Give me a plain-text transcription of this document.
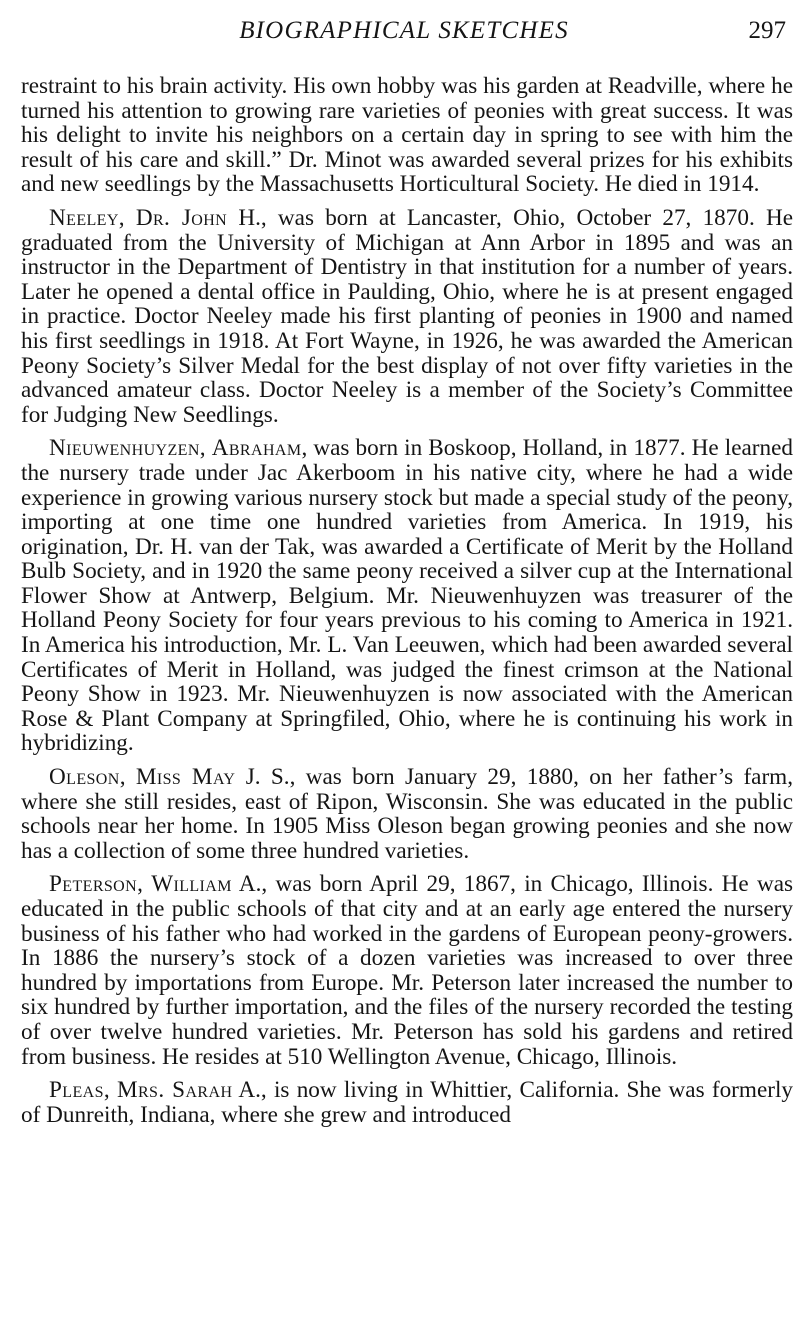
BIOGRAPHICAL SKETCHES	297

restraint to his brain activity. His own hobby was his garden at Readville, where he turned his attention to growing rare varieties of peonies with great success. It was his delight to invite his neighbors on a certain day in spring to see with him the result of his care and skill.” Dr. Minot was awarded several prizes for his exhibits and new seedlings by the Massachusetts Horticultural Society. He died in 1914.

Neeley, Dr. John H., was born at Lancaster, Ohio, October 27, 1870. He graduated from the University of Michigan at Ann Arbor in 1895 and was an instructor in the Department of Dentistry in that institution for a number of years. Later he opened a dental office in Paulding, Ohio, where he is at present engaged in practice. Doctor Neeley made his first planting of peonies in 1900 and named his first seedlings in 1918. At Fort Wayne, in 1926, he was awarded the American Peony Society’s Silver Medal for the best display of not over fifty varieties in the advanced amateur class. Doctor Neeley is a member of the Society’s Committee for Judging New Seedlings.

Nieuwenhuyzen, Abraham, was born in Boskoop, Holland, in 1877. He learned the nursery trade under Jac Akerboom in his native city, where he had a wide experience in growing various nursery stock but made a special study of the peony, importing at one time one hundred varieties from America. In 1919, his origination, Dr. H. van der Tak, was awarded a Certificate of Merit by the Holland Bulb Society, and in 1920 the same peony received a silver cup at the International Flower Show at Antwerp, Belgium. Mr. Nieuwenhuyzen was treasurer of the Holland Peony Society for four years previous to his coming to America in 1921. In America his introduction, Mr. L. Van Leeuwen, which had been awarded several Certificates of Merit in Holland, was judged the finest crimson at the National Peony Show in 1923. Mr. Nieuwenhuyzen is now associated with the American Rose & Plant Company at Springfiled, Ohio, where he is continuing his work in hybridizing.

Oleson, Miss May J. S., was born January 29, 1880, on her father’s farm, where she still resides, east of Ripon, Wisconsin. She was educated in the public schools near her home. In 1905 Miss Oleson began growing peonies and she now has a collection of some three hundred varieties.

Peterson, William A., was born April 29, 1867, in Chicago, Illinois. He was educated in the public schools of that city and at an early age entered the nursery business of his father who had worked in the gardens of European peony-growers. In 1886 the nursery’s stock of a dozen varieties was increased to over three hundred by importations from Europe. Mr. Peterson later increased the number to six hundred by further importation, and the files of the nursery recorded the testing of over twelve hundred varieties. Mr. Peterson has sold his gardens and retired from business. He resides at 510 Wellington Avenue, Chicago, Illinois.

Pleas, Mrs. Sarah A., is now living in Whittier, California. She was formerly of Dunreith, Indiana, where she grew and introduced
